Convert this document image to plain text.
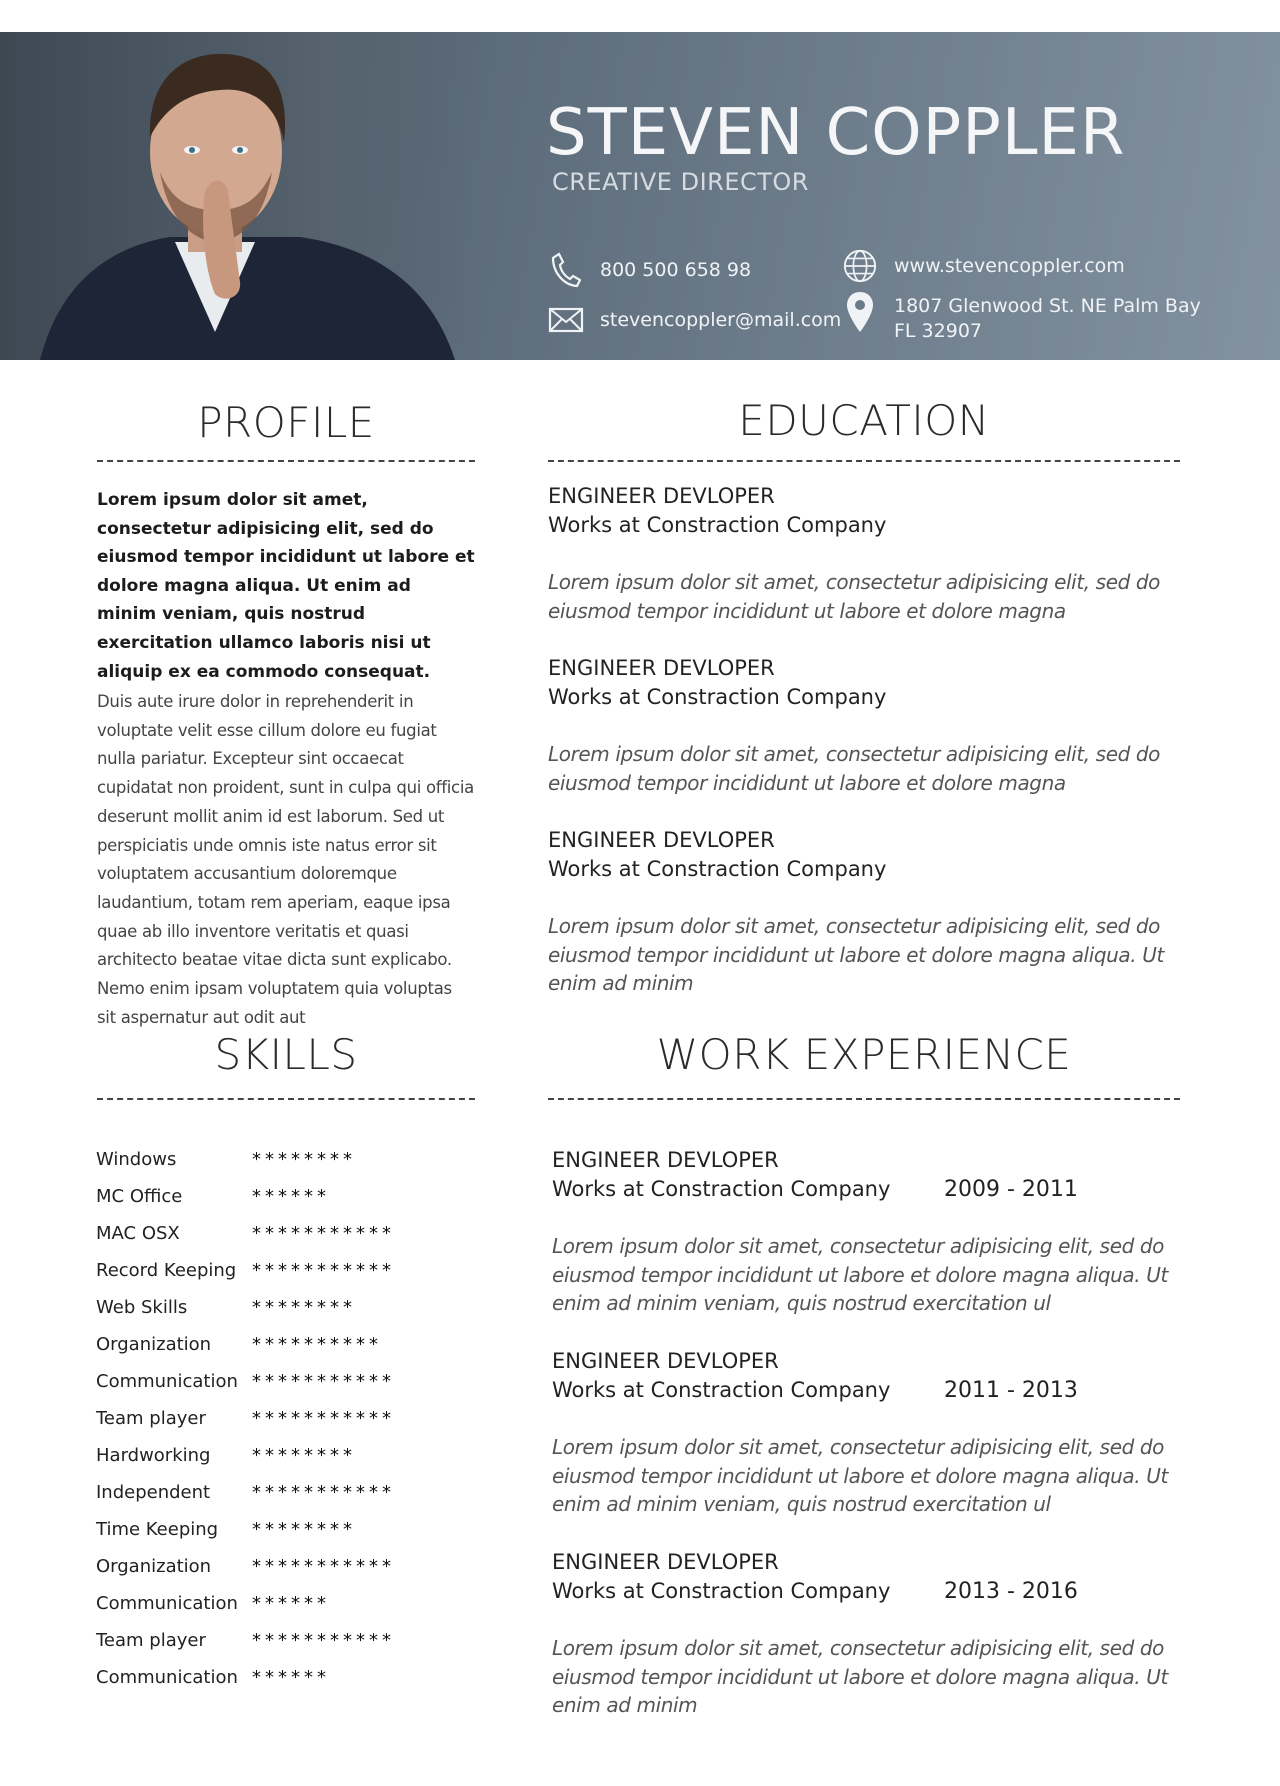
STEVEN COPPLER
CREATIVE DIRECTOR
800 500 658 98
stevencoppler@mail.com
www.stevencoppler.com
1807 Glenwood St. NE Palm Bay
FL 32907
PROFILE
Lorem ipsum dolor sit amet, consectetur adipisicing elit, sed do eiusmod tempor incididunt ut labore et dolore magna aliqua. Ut enim ad minim veniam, quis nostrud exercitation ullamco laboris nisi ut aliquip ex ea commodo consequat.
Duis aute irure dolor in reprehenderit in voluptate velit esse cillum dolore eu fugiat nulla pariatur. Excepteur sint occaecat cupidatat non proident, sunt in culpa qui officia deserunt mollit anim id est laborum. Sed ut perspiciatis unde omnis iste natus error sit voluptatem accusantium doloremque laudantium, totam rem aperiam, eaque ipsa quae ab illo inventore veritatis et quasi architecto beatae vitae dicta sunt explicabo. Nemo enim ipsam voluptatem quia voluptas sit aspernatur aut odit aut
EDUCATION
ENGINEER DEVLOPER
Works at Constraction Company
Lorem ipsum dolor sit amet, consectetur adipisicing elit, sed do eiusmod tempor incididunt ut labore et dolore magna
ENGINEER DEVLOPER
Works at Constraction Company
Lorem ipsum dolor sit amet, consectetur adipisicing elit, sed do eiusmod tempor incididunt ut labore et dolore magna
ENGINEER DEVLOPER
Works at Constraction Company
Lorem ipsum dolor sit amet, consectetur adipisicing elit, sed do eiusmod tempor incididunt ut labore et dolore magna aliqua. Ut enim ad minim
SKILLS
Windows	********
MC Office	******
MAC OSX	***********
Record Keeping ***********
Web Skills	********
Organization	**********
Communication ***********
Team player	***********
Hardworking	********
Independent	***********
Time Keeping	********
Organization	***********
Communication ******
Team player	***********
Communication ******
WORK EXPERIENCE
ENGINEER DEVLOPER
Works at Constraction Company	2009 - 2011
Lorem ipsum dolor sit amet, consectetur adipisicing elit, sed do eiusmod tempor incididunt ut labore et dolore magna aliqua. Ut enim ad minim veniam, quis nostrud exercitation ul
ENGINEER DEVLOPER
Works at Constraction Company	2011 - 2013
Lorem ipsum dolor sit amet, consectetur adipisicing elit, sed do eiusmod tempor incididunt ut labore et dolore magna aliqua. Ut enim ad minim veniam, quis nostrud exercitation ul
ENGINEER DEVLOPER
Works at Constraction Company	2013 - 2016
Lorem ipsum dolor sit amet, consectetur adipisicing elit, sed do eiusmod tempor incididunt ut labore et dolore magna aliqua. Ut enim ad minim
